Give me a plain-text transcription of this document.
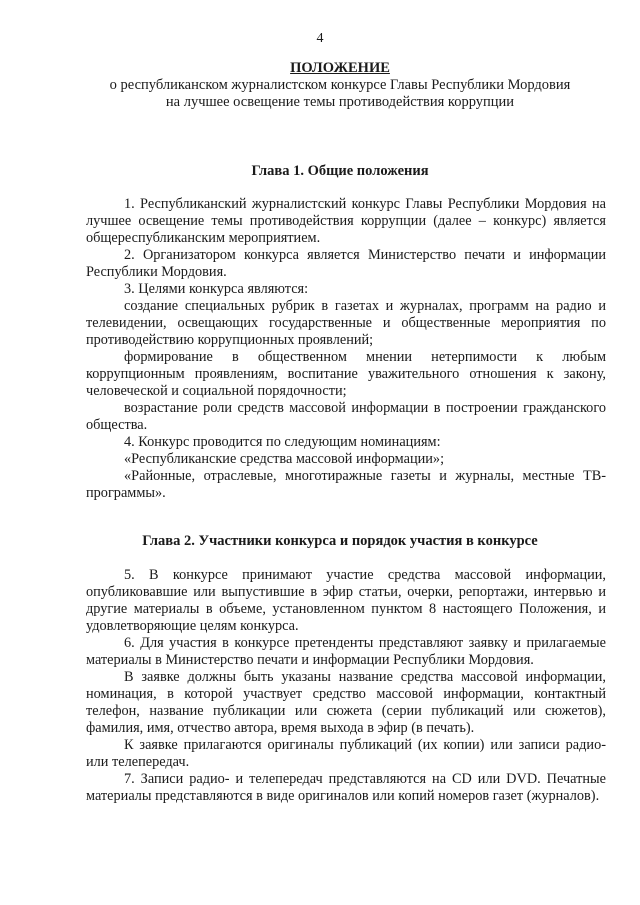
4
ПОЛОЖЕНИЕ
о республиканском журналистском конкурсе Главы Республики Мордовия
на лучшее освещение темы противодействия коррупции
Глава 1. Общие положения

1. Республиканский журналистский конкурс Главы Республики Мордовия на лучшее освещение темы противодействия коррупции (далее – конкурс) является общереспубликанским мероприятием.

2. Организатором конкурса является Министерство печати и информации Республики Мордовия.

3. Целями конкурса являются:

создание специальных рубрик в газетах и журналах, программ на радио и телевидении, освещающих государственные и общественные мероприятия по противодействию коррупционных проявлений;

формирование в общественном мнении нетерпимости к любым коррупционным проявлениям, воспитание уважительного отношения к закону, человеческой и социальной порядочности;

возрастание роли средств массовой информации в построении гражданского общества.

4. Конкурс проводится по следующим номинациям:

«Республиканские средства массовой информации»;

«Районные, отраслевые, многотиражные газеты и журналы, местные ТВ-программы».

Глава 2. Участники конкурса и порядок участия в конкурсе

5. В конкурсе принимают участие средства массовой информации, опубликовавшие или выпустившие в эфир статьи, очерки, репортажи, интервью и другие материалы в объеме, установленном пунктом 8 настоящего Положения, и удовлетворяющие целям конкурса.

6. Для участия в конкурсе претенденты представляют заявку и прилагаемые материалы в Министерство печати и информации Республики Мордовия.

В заявке должны быть указаны название средства массовой информации, номинация, в которой участвует средство массовой информации, контактный телефон, название публикации или сюжета (серии публикаций или сюжетов), фамилия, имя, отчество автора, время выхода в эфир (в печать).

К заявке прилагаются оригиналы публикаций (их копии) или записи радио- или телепередач.

7. Записи радио- и телепередач представляются на CD или DVD. Печатные материалы представляются в виде оригиналов или копий номеров газет (журналов).
